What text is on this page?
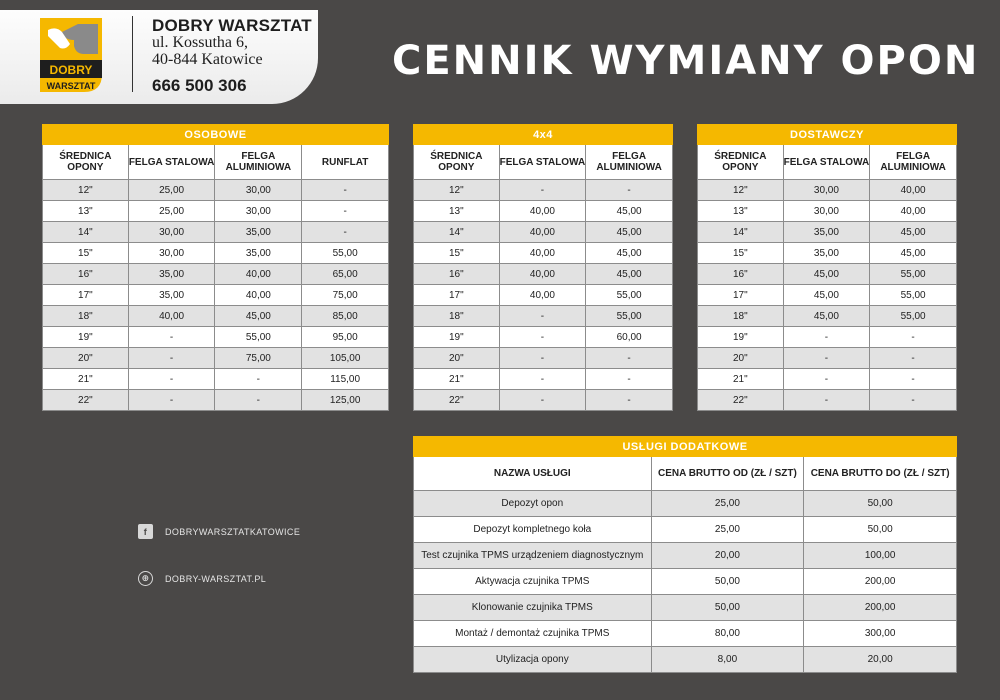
DOBRY
WARSZTAT
DOBRY WARSZTAT
ul. Kossutha 6,
40-844 Katowice
666 500 306
CENNIK WYMIANY OPON
OSOBOWE			
ŚREDNICA OPONY	FELGA STALOWA	FELGA ALUMINIOWA	RUNFLAT
12"	25,00	30,00	-
13"	25,00	30,00	-
14"	30,00	35,00	-
15"	30,00	35,00	55,00
16"	35,00	40,00	65,00
17"	35,00	40,00	75,00
18"	40,00	45,00	85,00
19"	-	55,00	95,00
20"	-	75,00	105,00
21"	-	-	115,00
22"	-	-	125,00
4x4		
ŚREDNICA OPONY	FELGA STALOWA	FELGA ALUMINIOWA
12"	-	-
13"	40,00	45,00
14"	40,00	45,00
15"	40,00	45,00
16"	40,00	45,00
17"	40,00	55,00
18"	-	55,00
19"	-	60,00
20"	-	-
21"	-	-
22"	-	-
DOSTAWCZY		
ŚREDNICA OPONY	FELGA STALOWA	FELGA ALUMINIOWA
12"	30,00	40,00
13"	30,00	40,00
14"	35,00	45,00
15"	35,00	45,00
16"	45,00	55,00
17"	45,00	55,00
18"	45,00	55,00
19"	-	-
20"	-	-
21"	-	-
22"	-	-
USŁUGI DODATKOWE		
NAZWA USŁUGI	CENA BRUTTO OD (ZŁ / SZT)	CENA BRUTTO DO (ZŁ / SZT)
Depozyt opon	25,00	50,00
Depozyt kompletnego koła	25,00	50,00
Test czujnika TPMS urządzeniem diagnostycznym	20,00	100,00
Aktywacja czujnika TPMS	50,00	200,00
Klonowanie czujnika TPMS	50,00	200,00
Montaż / demontaż czujnika TPMS	80,00	300,00
Utylizacja opony	8,00	20,00
f	DOBRYWARSZTATKATOWICE
⊕	DOBRY-WARSZTAT.PL
